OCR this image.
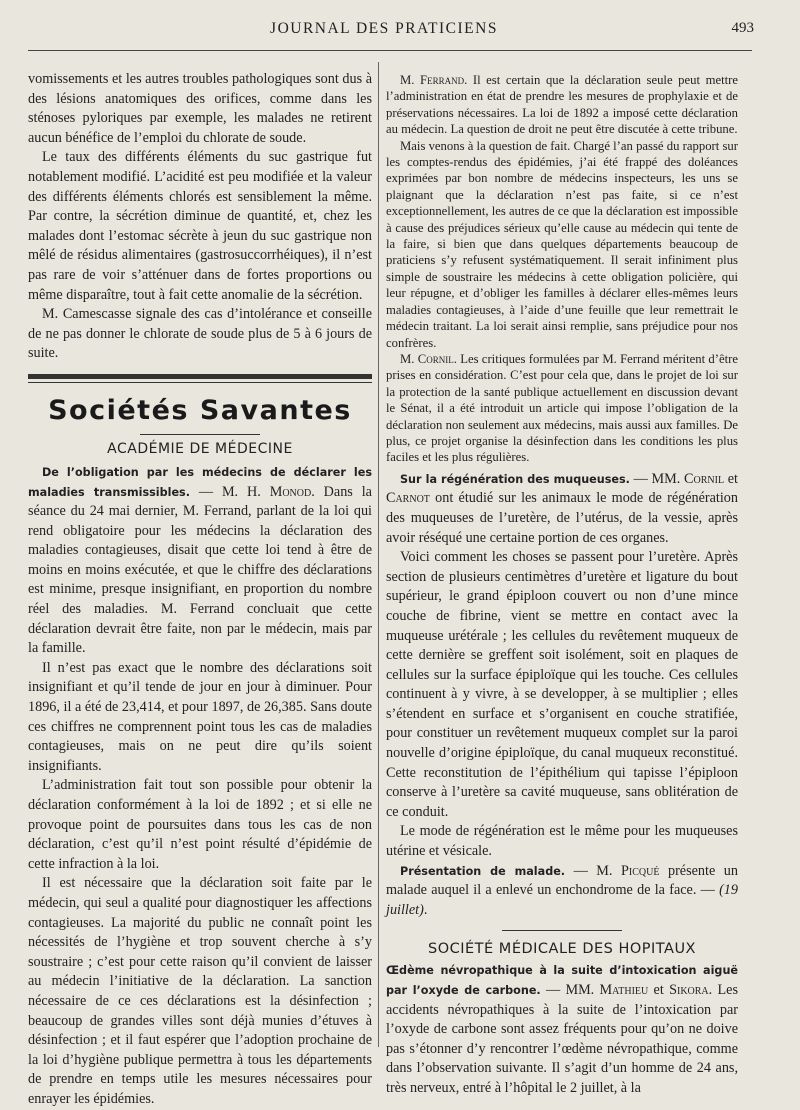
JOURNAL DES PRATICIENS	493

vomissements et les autres troubles pathologiques sont dus à des lésions anatomiques des orifices, comme dans les sténoses pyloriques par exemple, les malades ne retirent aucun bénéfice de l’emploi du chlorate de soude.

Le taux des différents éléments du suc gastrique fut notablement modifié. L’acidité est peu modifiée et la valeur des différents éléments chlorés est sensiblement la même. Par contre, la sécrétion diminue de quantité, et, chez les malades dont l’estomac sécrète à jeun du suc gastrique non mêlé de résidus alimentaires (gastrosuccorrhéiques), il n’est pas rare de voir s’atténuer dans de fortes proportions ou même disparaître, tout à fait cette anomalie de la sécrétion.

M. Camescasse signale des cas d’intolérance et conseille de ne pas donner le chlorate de soude plus de 5 à 6 jours de suite.

Sociétés Savantes
ACADÉMIE DE MÉDECINE

De l’obligation par les médecins de déclarer les maladies transmissibles. — M. H. Monod. Dans la séance du 24 mai dernier, M. Ferrand, parlant de la loi qui rend obligatoire pour les médecins la déclaration des maladies contagieuses, disait que cette loi tend à être de moins en moins exécutée, et que le chiffre des déclarations est minime, presque insignifiant, en proportion du nombre réel des maladies. M. Ferrand concluait que cette déclaration devrait être faite, non par le médecin, mais par la famille.

Il n’est pas exact que le nombre des déclarations soit insignifiant et qu’il tende de jour en jour à diminuer. Pour 1896, il a été de 23,414, et pour 1897, de 26,385. Sans doute ces chiffres ne comprennent point tous les cas de maladies contagieuses, mais on ne peut dire qu’ils soient insignifiants.

L’administration fait tout son possible pour obtenir la déclaration conformément à la loi de 1892 ; et si elle ne provoque point de poursuites dans tous les cas de non déclaration, c’est qu’il n’est point résulté d’épidémie de cette infraction à la loi.

Il est nécessaire que la déclaration soit faite par le médecin, qui seul a qualité pour diagnostiquer les affections contagieuses. La majorité du public ne connaît point les nécessités de l’hygiène et trop souvent cherche à s’y soustraire ; c’est pour cette raison qu’il convient de laisser au médecin l’initiative de la déclaration. La sanction nécessaire de ce ces déclarations est la désinfection ; beaucoup de grandes villes sont déjà munies d’étuves à désinfection ; et il faut espérer que l’adoption prochaine de la loi d’hygiène publique permettra à tous les départements de prendre en temps utile les mesures nécessaires pour enrayer les épidémies.

M. Ferrand. Il est certain que la déclaration seule peut mettre l’administration en état de prendre les mesures de prophylaxie et de préservations nécessaires. La loi de 1892 a imposé cette déclaration au médecin. La question de droit ne peut être discutée à cette tribune.

Mais venons à la question de fait. Chargé l’an passé du rapport sur les comptes-rendus des épidémies, j’ai été frappé des doléances exprimées par bon nombre de médecins inspecteurs, les uns se plaignant que la déclaration n’est pas faite, si ce n’est exceptionnellement, les autres de ce que la déclaration est impossible à cause des préjudices sérieux qu’elle cause au médecin qui tente de la faire, si bien que dans quelques départements beaucoup de praticiens s’y refusent systématiquement. Il serait infiniment plus simple de soustraire les médecins à cette obligation policière, qui leur répugne, et d’obliger les familles à déclarer elles-mêmes leurs maladies contagieuses, à l’aide d’une feuille que leur remettrait le médecin traitant. La loi serait ainsi remplie, sans préjudice pour nos confrères.

M. Cornil. Les critiques formulées par M. Ferrand méritent d’être prises en considération. C’est pour cela que, dans le projet de loi sur la protection de la santé publique actuellement en discussion devant le Sénat, il a été introduit un article qui impose l’obligation de la déclaration non seulement aux médecins, mais aussi aux familles. De plus, ce projet organise la désinfection dans les conditions les plus faciles et les plus régulières.

Sur la régénération des muqueuses. — MM. Cornil et Carnot ont étudié sur les animaux le mode de régénération des muqueuses de l’uretère, de l’utérus, de la vessie, après avoir réséqué une certaine portion de ces organes.

Voici comment les choses se passent pour l’uretère. Après section de plusieurs centimètres d’uretère et ligature du bout supérieur, le grand épiploon couvert ou non d’une mince couche de fibrine, vient se mettre en contact avec la muqueuse urétérale ; les cellules du revêtement muqueux de cette dernière se greffent soit isolément, soit en plaques de cellules sur la surface épiploïque qui les touche. Ces cellules continuent à y vivre, à se developper, à se multiplier ; elles s’étendent en surface et s’organisent en couche stratifiée, pour constituer un revêtement muqueux complet sur la paroi nouvelle d’origine épiploïque, du canal muqueux reconstitué. Cette reconstitution de l’épithélium qui tapisse l’épiploon conserve à l’uretère sa cavité muqueuse, sans oblitération de ce conduit.

Le mode de régénération est le même pour les muqueuses utérine et vésicale.

Présentation de malade. — M. Picqué présente un malade auquel il a enlevé un enchondrome de la face. — (19 juillet).

SOCIÉTÉ MÉDICALE DES HOPITAUX

Œdème névropathique à la suite d’intoxication aiguë par l’oxyde de carbone. — MM. Mathieu et Sikora. Les accidents névropathiques à la suite de l’intoxication par l’oxyde de carbone sont assez fréquents pour qu’on ne doive pas s’étonner d’y rencontrer l’œdème névropathique, comme dans l’observation suivante. Il s’agit d’un homme de 24 ans, très nerveux, entré à l’hôpital le 2 juillet, à la
